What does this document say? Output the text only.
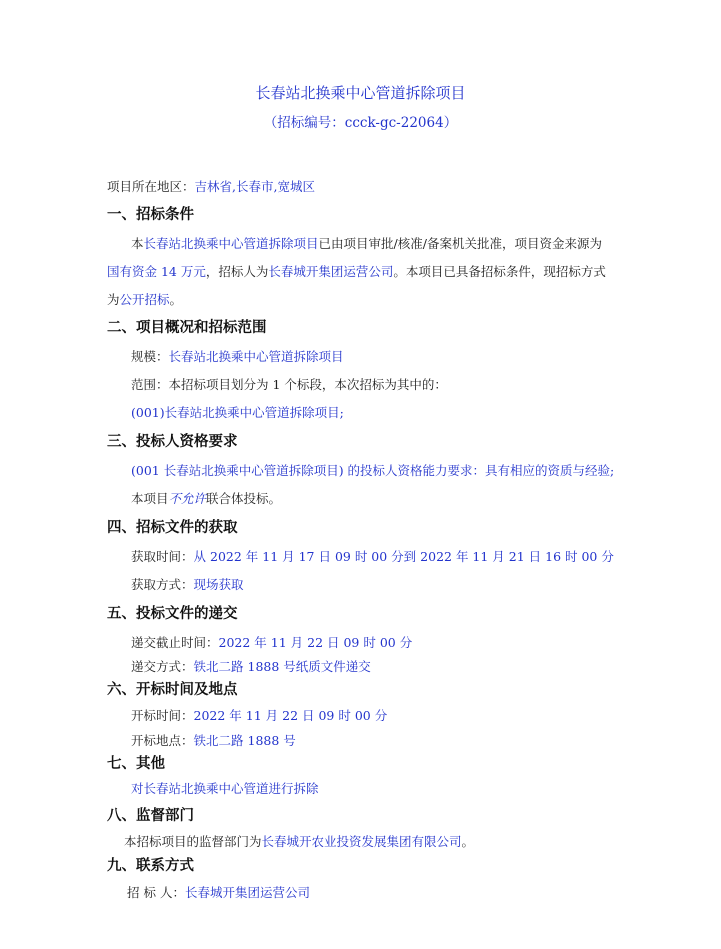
长春站北换乘中心管道拆除项目
（招标编号：ccck-gc-22064）
项目所在地区：吉林省,长春市,宽城区
一、招标条件
本长春站北换乘中心管道拆除项目已由项目审批/核准/备案机关批准，项目资金来源为
国有资金 14 万元，招标人为长春城开集团运营公司。本项目已具备招标条件，现招标方式
为公开招标。
二、项目概况和招标范围
规模：长春站北换乘中心管道拆除项目
范围：本招标项目划分为 1 个标段，本次招标为其中的：
(001)长春站北换乘中心管道拆除项目;
三、投标人资格要求
(001 长春站北换乘中心管道拆除项目) 的投标人资格能力要求：具有相应的资质与经验;
本项目不允许联合体投标。
四、招标文件的获取
获取时间：从 2022 年 11 月 17 日 09 时 00 分到 2022 年 11 月 21 日 16 时 00 分
获取方式：现场获取
五、投标文件的递交
递交截止时间：2022 年 11 月 22 日 09 时 00 分
递交方式：铁北二路 1888 号纸质文件递交
六、开标时间及地点
开标时间：2022 年 11 月 22 日 09 时 00 分
开标地点：铁北二路 1888 号
七、其他
对长春站北换乘中心管道进行拆除
八、监督部门
本招标项目的监督部门为长春城开农业投资发展集团有限公司。
九、联系方式
招 标 人：长春城开集团运营公司
